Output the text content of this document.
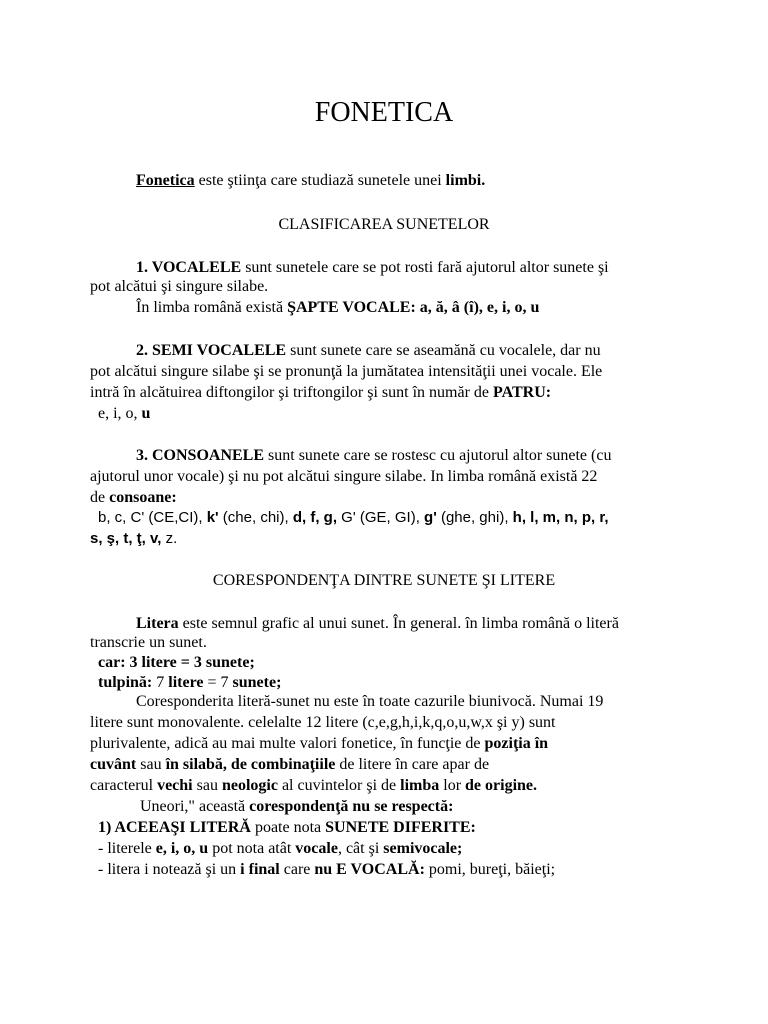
FONETICA
Fonetica este ştiinţa care studiază sunetele unei limbi.
CLASIFICAREA SUNETELOR
1. VOCALELE sunt sunetele care se pot rosti fară ajutorul altor sunete şi
pot alcătui şi singure silabe.
În limba română există ŞAPTE VOCALE: a, ă, â (î), e, i, o, u
2. SEMI VOCALELE sunt sunete care se aseamănă cu vocalele, dar nu
pot alcătui singure silabe şi se pronunţă la jumătatea intensităţii unei vocale. Ele
intră în alcătuirea diftongilor şi triftongilor şi sunt în număr de PATRU:
e, i, o, u
3. CONSOANELE sunt sunete care se rostesc cu ajutorul altor sunete (cu
ajutorul unor vocale) şi nu pot alcătui singure silabe. In limba română există 22
de consoane:
b, c, C' (CE,CI), k' (che, chi), d, f, g, G' (GE, GI), g' (ghe, ghi), h, l, m, n, p, r,
s, ş, t, ţ, v, z.
CORESPONDENŢA DINTRE SUNETE ŞI LITERE
Litera este semnul grafic al unui sunet. În general. în limba română o literă
transcrie un sunet.
car: 3 litere = 3 sunete;
tulpină: 7 litere = 7 sunete;
Coresponderita literă-sunet nu este în toate cazurile biunivocă. Numai 19
litere sunt monovalente. celelalte 12 litere (c,e,g,h,i,k,q,o,u,w,x şi y) sunt
plurivalente, adică au mai multe valori fonetice, în funcţie de poziţia în
cuvânt sau în silabă, de combinaţiile de litere în care apar de
caracterul vechi sau neologic al cuvintelor şi de limba lor de origine.
Uneori," această corespondenţă nu se respectă:
1) ACEEAŞI LITERĂ poate nota SUNETE DIFERITE:
- literele e, i, o, u pot nota atât vocale, cât şi semivocale;
- litera i notează şi un i final care nu E VOCALĂ: pomi, bureţi, băieţi;
